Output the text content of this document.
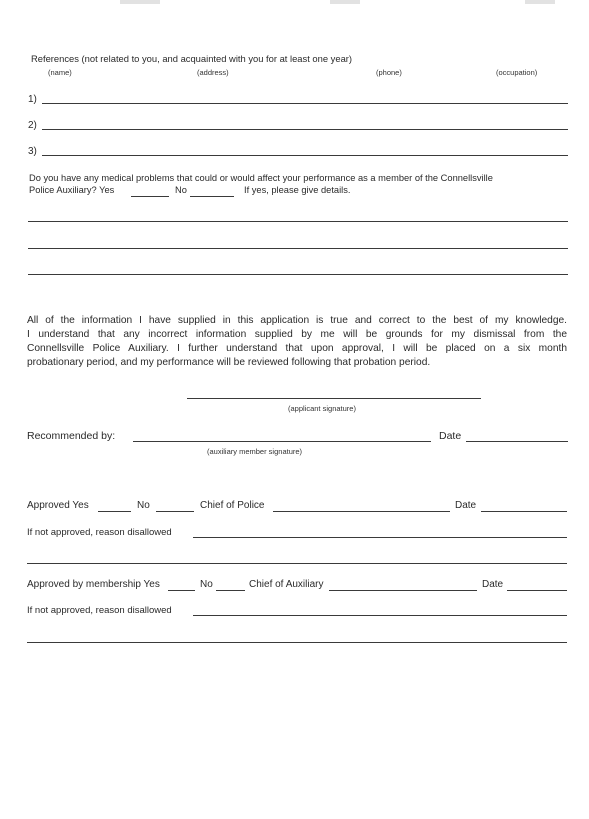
References (not related to you, and acquainted with you for at least one year)
(name)	(address)	(phone)	(occupation)
1)
2)
3)
Do you have any medical problems that could or would affect your performance as a member of the Connellsville
Police Auxiliary? Yes	No	If yes, please give details.
All of the information I have supplied in this application is true and correct to the best of my knowledge.
I understand that any incorrect information supplied by me will be grounds for my dismissal from the
Connellsville Police Auxiliary. I further understand that upon approval, I will be placed on a six month
probationary period, and my performance will be reviewed following that probation period.
(applicant signature)
Recommended by:	Date
(auxiliary member signature)
Approved Yes	No	Chief of Police	Date
If not approved, reason disallowed
Approved by membership Yes	No	Chief of Auxiliary	Date
If not approved, reason disallowed
